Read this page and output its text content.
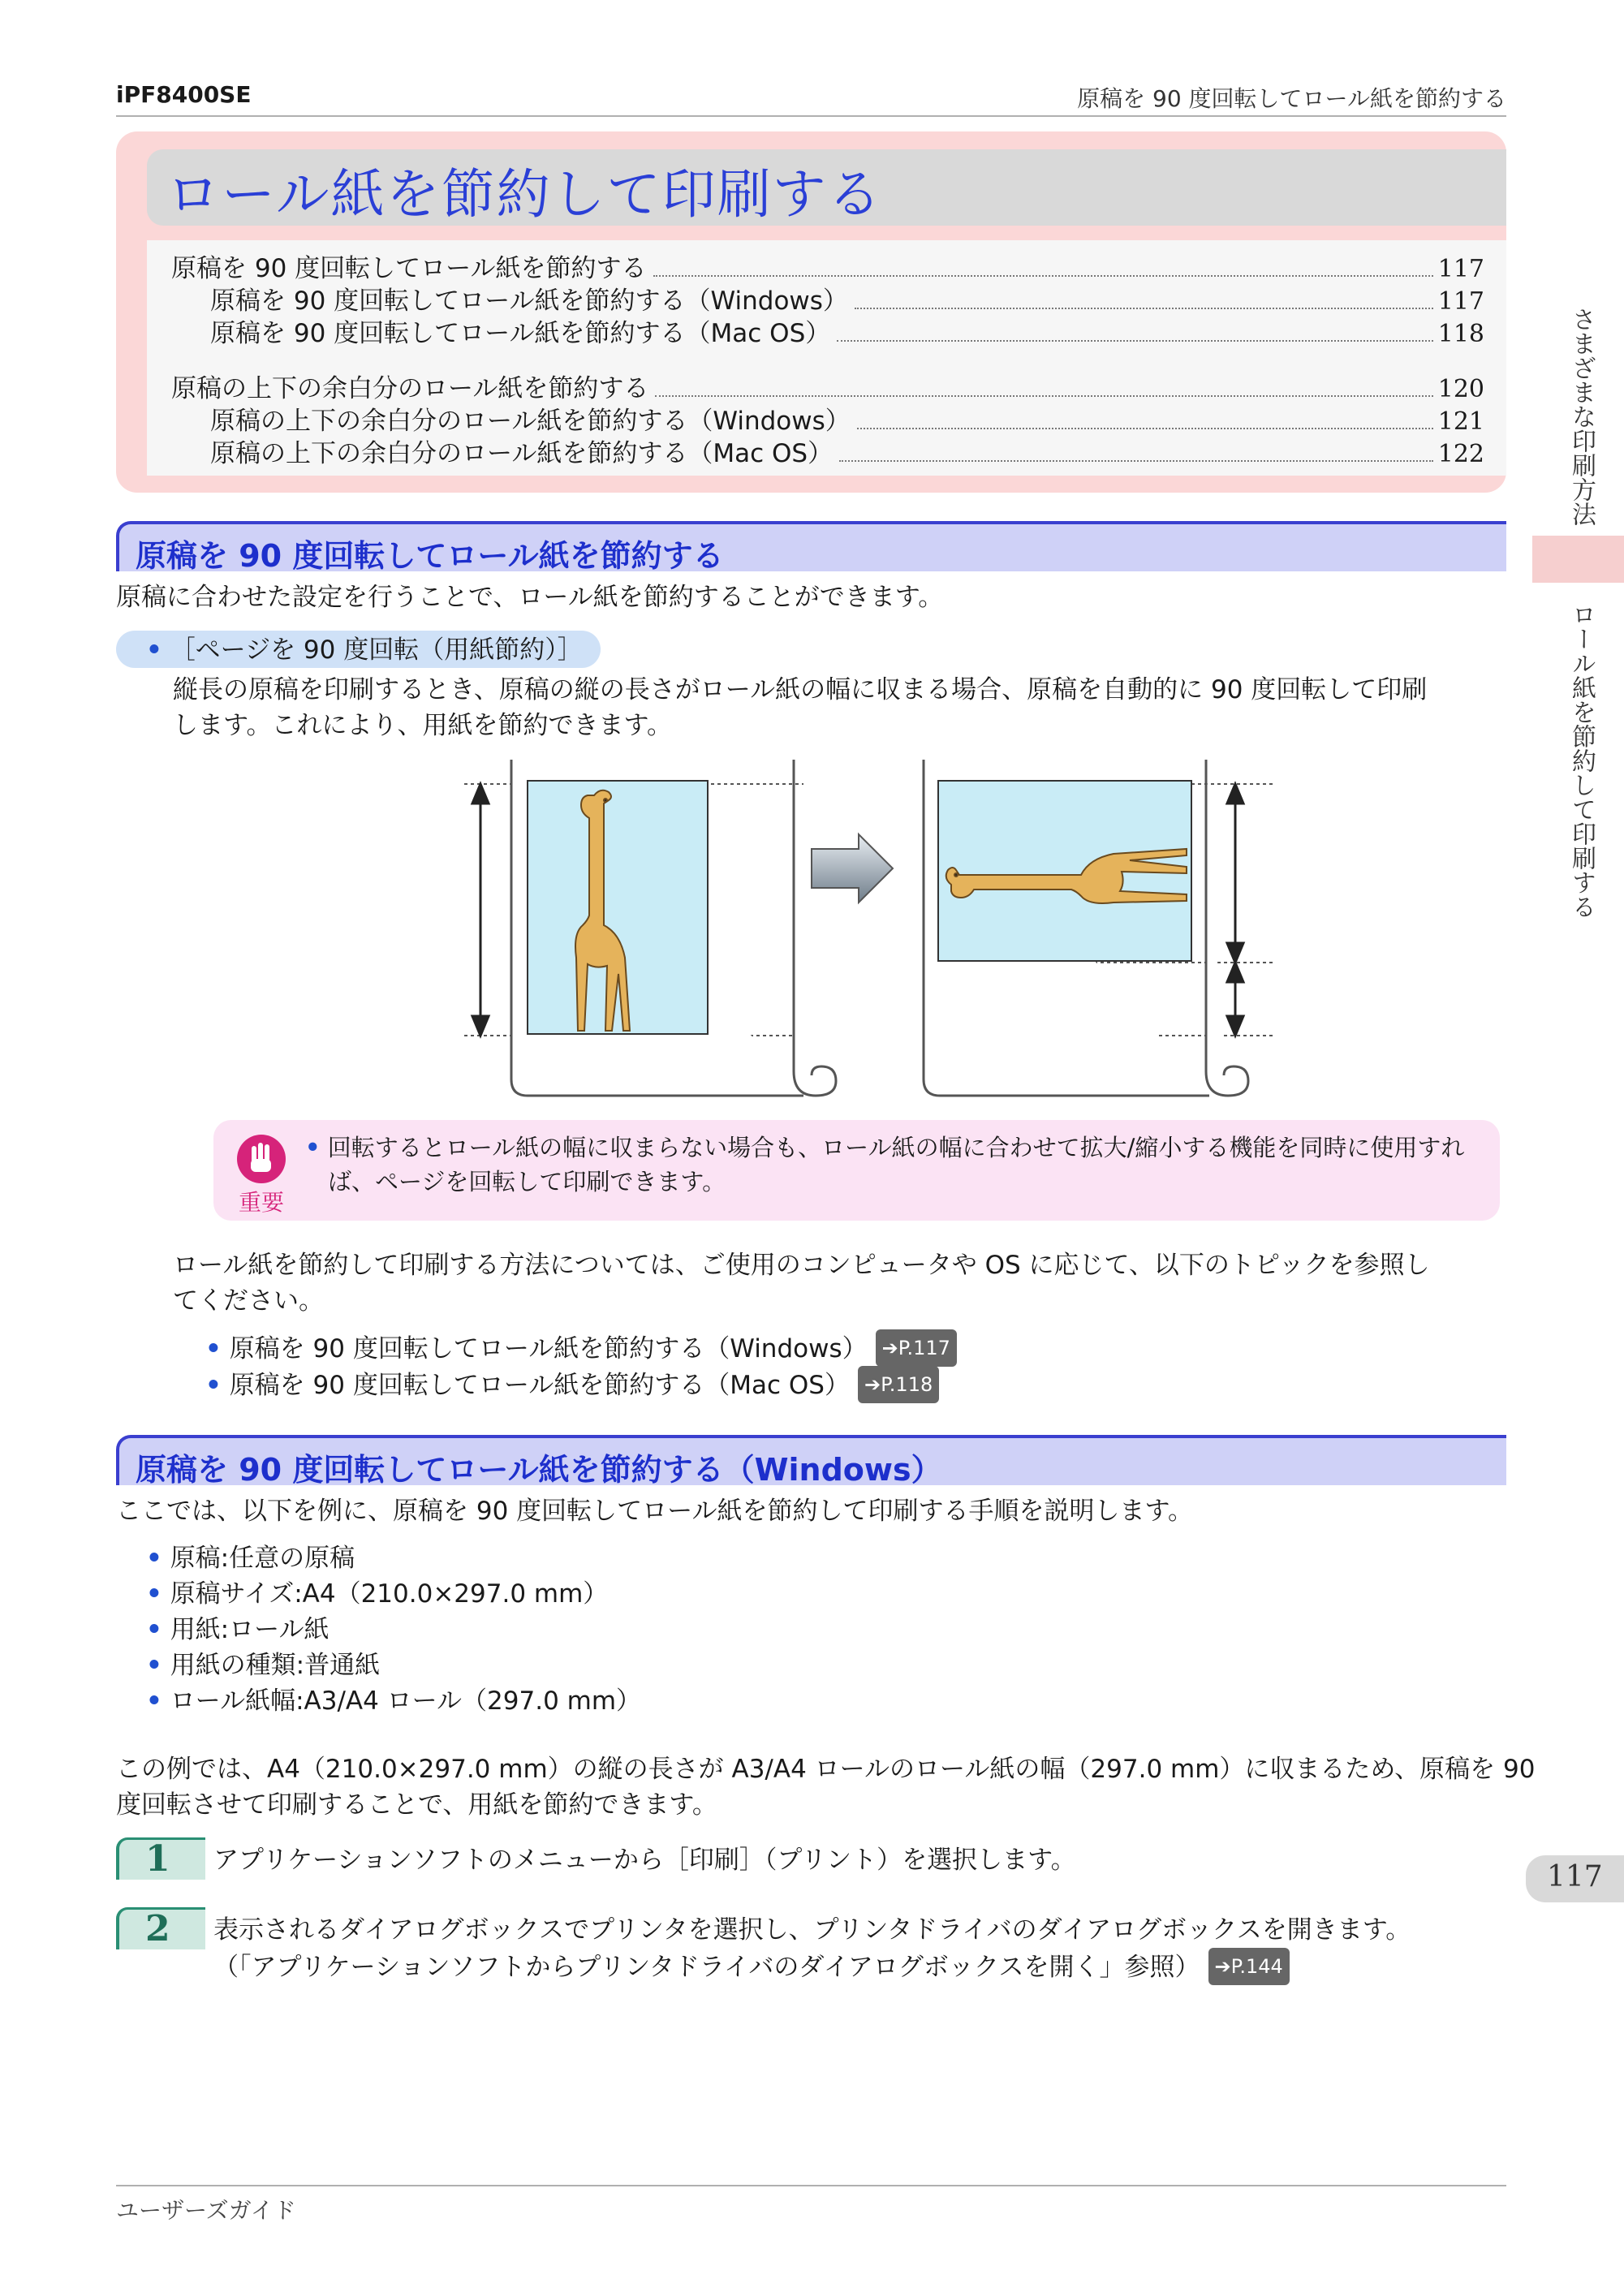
iPF8400SE	原稿を 90 度回転してロール紙を節約する
ロール紙を節約して印刷する
原稿を 90 度回転してロール紙を節約する	117
原稿を 90 度回転してロール紙を節約する（Windows）	117
原稿を 90 度回転してロール紙を節約する（Mac OS）	118
原稿の上下の余白分のロール紙を節約する	120
原稿の上下の余白分のロール紙を節約する（Windows）	121
原稿の上下の余白分のロール紙を節約する（Mac OS）	122	さまざまな印刷方法
ロール紙を節約して印刷する
117
原稿を 90 度回転してロール紙を節約する
原稿に合わせた設定を行うことで、ロール紙を節約することができます。
• ［ページを 90 度回転（用紙節約）］
縦長の原稿を印刷するとき、原稿の縦の長さがロール紙の幅に収まる場合、原稿を自動的に 90 度回転して印刷
します。これにより、用紙を節約できます。
重要
• 回転するとロール紙の幅に収まらない場合も、ロール紙の幅に合わせて拡大/縮小する機能を同時に使用すれ
ば、ページを回転して印刷できます。
ロール紙を節約して印刷する方法については、ご使用のコンピュータや OS に応じて、以下のトピックを参照し
てください。
• 原稿を 90 度回転してロール紙を節約する（Windows） ➔P.117
• 原稿を 90 度回転してロール紙を節約する（Mac OS） ➔P.118
原稿を 90 度回転してロール紙を節約する（Windows）
ここでは、以下を例に、原稿を 90 度回転してロール紙を節約して印刷する手順を説明します。
• 原稿:任意の原稿
• 原稿サイズ:A4（210.0×297.0 mm）
• 用紙:ロール紙
• 用紙の種類:普通紙
• ロール紙幅:A3/A4 ロール（297.0 mm）
この例では、A4（210.0×297.0 mm）の縦の長さが A3/A4 ロールのロール紙の幅（297.0 mm）に収まるため、原稿を 90
度回転させて印刷することで、用紙を節約できます。
1 アプリケーションソフトのメニューから［印刷］（プリント）を選択します。
2 表示されるダイアログボックスでプリンタを選択し、プリンタドライバのダイアログボックスを開きます。
（「アプリケーションソフトからプリンタドライバのダイアログボックスを開く」参照） ➔P.144
ユーザーズガイド
